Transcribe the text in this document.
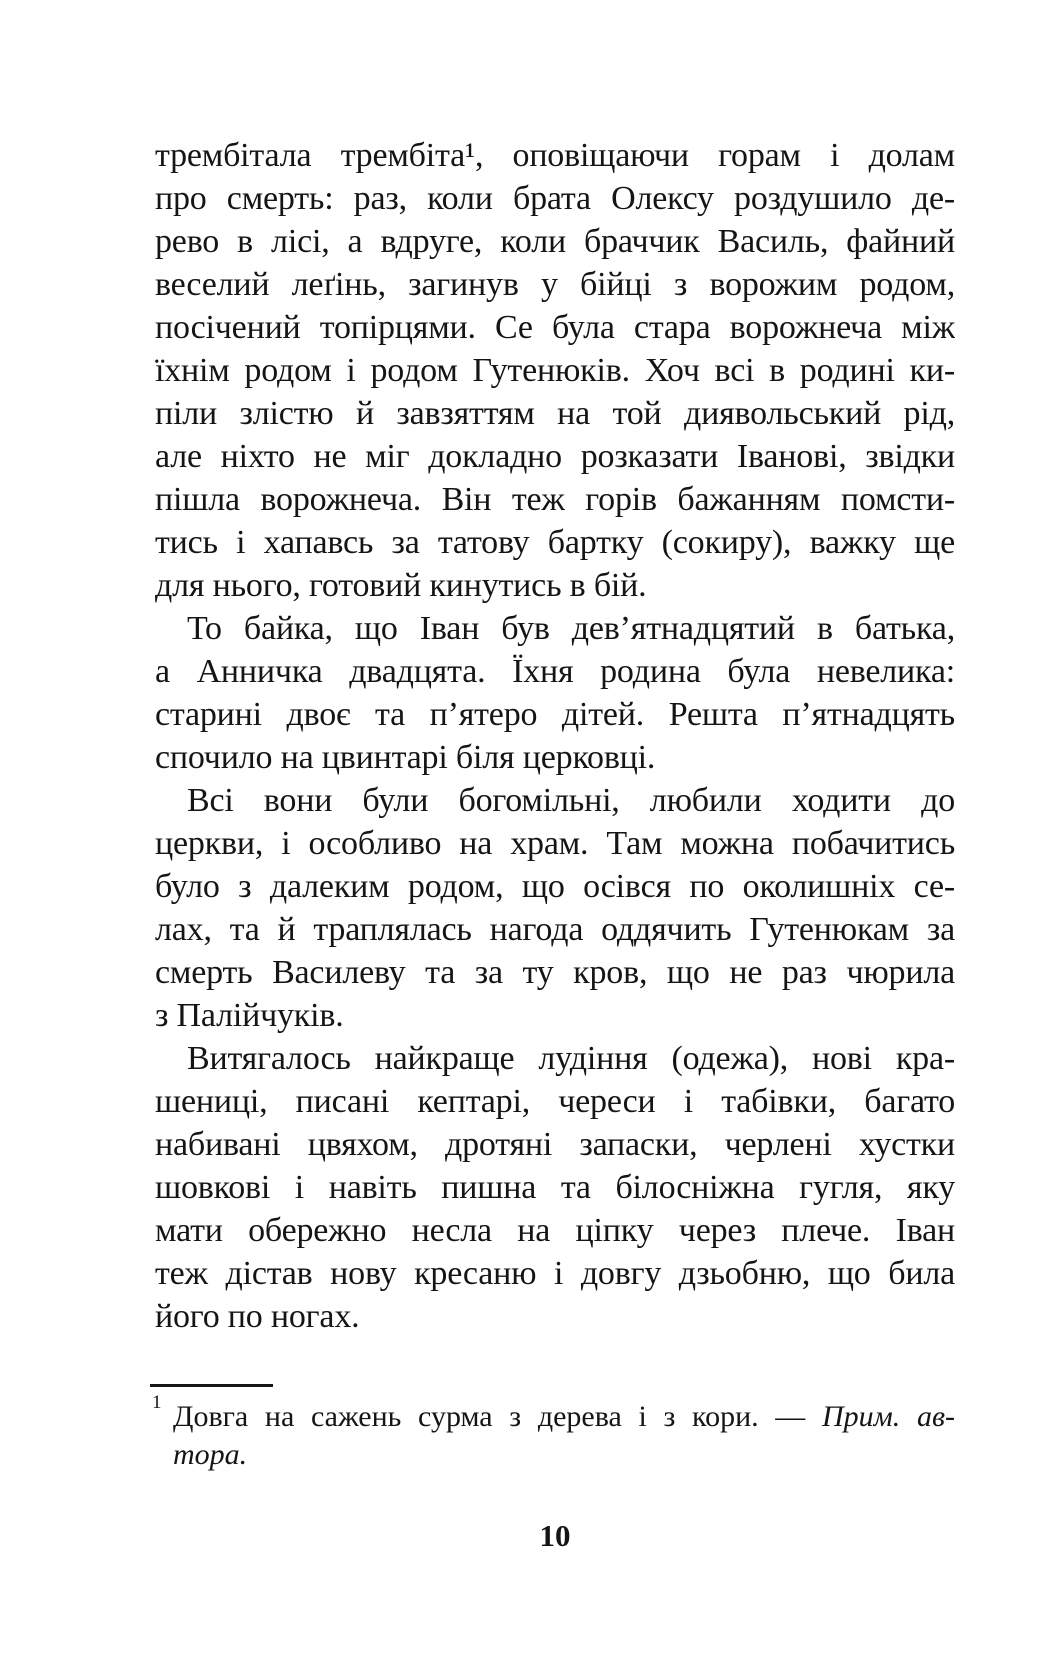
трембітала трембіта¹, оповіщаючи горам і долам
про смерть: раз, коли брата Олексу роздушило де-
рево в лісі, а вдруге, коли браччик Василь, файний
веселий леґінь, загинув у бійці з ворожим родом,
посічений топірцями. Се була стара ворожнеча між
їхнім родом і родом Гутенюків. Хоч всі в родині ки-
піли злістю й завзяттям на той диявольський рід,
але ніхто не міг докладно розказати Іванові, звідки
пішла ворожнеча. Він теж горів бажанням помсти-
тись і хапавсь за татову бартку (сокиру), важку ще
для нього, готовий кинутись в бій.
То байка, що Іван був дев’ятнадцятий в батька,
а Анничка двадцята. Їхня родина була невелика:
старині двоє та п’ятеро дітей. Решта п’ятнадцять
спочило на цвинтарі біля церковці.
Всі вони були богомільні, любили ходити до
церкви, і особливо на храм. Там можна побачитись
було з далеким родом, що осівся по околишніх се-
лах, та й траплялась нагода оддячить Гутенюкам за
смерть Василеву та за ту кров, що не раз чюрила
з Палійчуків.
Витягалось найкраще лудіння (одежа), нові кра-
шениці, писані кептарі, череси і табівки, багато
набивані цвяхом, дротяні запаски, черлені хустки
шовкові і навіть пишна та білосніжна гугля, яку
мати обережно несла на ціпку через плече. Іван
теж дістав нову кресаню і довгу дзьобню, що била
його по ногах.
1 Довга на сажень сурма з дерева і з кори. — Прим. ав-
тора.
10
